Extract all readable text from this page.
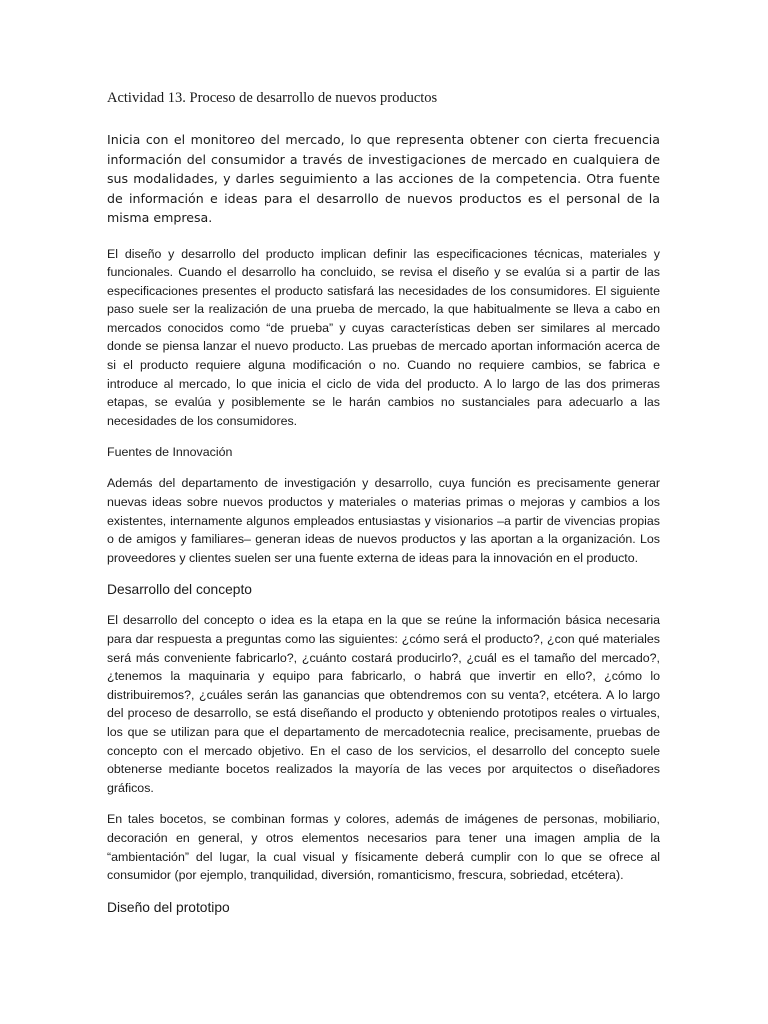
Actividad 13. Proceso de desarrollo de nuevos productos

Inicia con el monitoreo del mercado, lo que representa obtener con cierta frecuencia información del consumidor a través de investigaciones de mercado en cualquiera de sus modalidades, y darles seguimiento a las acciones de la competencia. Otra fuente de información e ideas para el desarrollo de nuevos productos es el personal de la misma empresa.

El diseño y desarrollo del producto implican definir las especificaciones técnicas, materiales y funcionales. Cuando el desarrollo ha concluido, se revisa el diseño y se evalúa si a partir de las especificaciones presentes el producto satisfará las necesidades de los consumidores. El siguiente paso suele ser la realización de una prueba de mercado, la que habitualmente se lleva a cabo en mercados conocidos como “de prueba” y cuyas características deben ser similares al mercado donde se piensa lanzar el nuevo producto. Las pruebas de mercado aportan información acerca de si el producto requiere alguna modificación o no. Cuando no requiere cambios, se fabrica e introduce al mercado, lo que inicia el ciclo de vida del producto. A lo largo de las dos primeras etapas, se evalúa y posiblemente se le harán cambios no sustanciales para adecuarlo a las necesidades de los consumidores.

Fuentes de Innovación

Además del departamento de investigación y desarrollo, cuya función es precisamente generar nuevas ideas sobre nuevos productos y materiales o materias primas o mejoras y cambios a los existentes, internamente algunos empleados entusiastas y visionarios –a partir de vivencias propias o de amigos y familiares– generan ideas de nuevos productos y las aportan a la organización. Los proveedores y clientes suelen ser una fuente externa de ideas para la innovación en el producto.

Desarrollo del concepto

El desarrollo del concepto o idea es la etapa en la que se reúne la información básica necesaria para dar respuesta a preguntas como las siguientes: ¿cómo será el producto?, ¿con qué materiales será más conveniente fabricarlo?, ¿cuánto costará producirlo?, ¿cuál es el tamaño del mercado?, ¿tenemos la maquinaria y equipo para fabricarlo, o habrá que invertir en ello?, ¿cómo lo distribuiremos?, ¿cuáles serán las ganancias que obtendremos con su venta?, etcétera. A lo largo del proceso de desarrollo, se está diseñando el producto y obteniendo prototipos reales o virtuales, los que se utilizan para que el departamento de mercadotecnia realice, precisamente, pruebas de concepto con el mercado objetivo. En el caso de los servicios, el desarrollo del concepto suele obtenerse mediante bocetos realizados la mayoría de las veces por arquitectos o diseñadores gráficos.

En tales bocetos, se combinan formas y colores, además de imágenes de personas, mobiliario, decoración en general, y otros elementos necesarios para tener una imagen amplia de la “ambientación” del lugar, la cual visual y físicamente deberá cumplir con lo que se ofrece al consumidor (por ejemplo, tranquilidad, diversión, romanticismo, frescura, sobriedad, etcétera).

Diseño del prototipo
